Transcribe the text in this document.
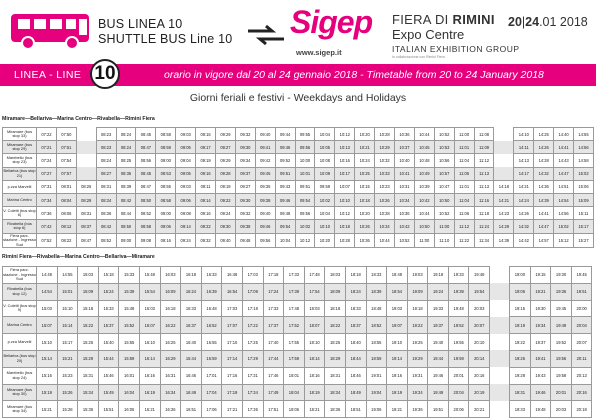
BUS LINEA 10
SHUTTLE BUS Line 10 Sigep
www.sigep.it
FIERA DI RIMINI
Expo Centre
ITALIAN EXHIBITION GROUP
In collaborazione con Rimini Fiera
20|24.01 2018
LINEA - LINE	orario in vigore dal 20 al 24 gennaio 2018 - Timetable from 20 to 24 January 2018
10
Giorni feriali e festivi - Weekdays and Holidays
Miramare—Bellariva—Marina Centro—Rivabella—Rimini Fiera
Miramare (bus stop 33)	07:22	07:50		08:23	08:24	08:45	08:58	09:03	09:16	09:29	09:32	09:40	09:44	09:55	10:04	10:12	10:20	10:28	10:36	10:44	10:52	11:00	11:08		14:10	14:25	14:40	14:55
Miramare (bus stop 29)	07:21	07:51		08:23	08:24	08:47	08:59	09:05	09:17	09:27	09:30	09:41	09:46	09:56	10:05	10:13	10:21	10:29	10:37	10:45	10:53	11:01	11:09		14:11	14:26	14:41	14:56
Marebello (bus stop 23)	07:24	07:54		08:24	08:25	08:56	09:00	09:04	09:19	09:29	09:34	09:42	09:52	10:00	10:08	10:16	10:24	10:32	10:40	10:48	10:56	11:04	11:12		14:13	14:28	14:43	14:58
Bellariva (bus stop 21)	07:27	07:57		08:27	08:35	08:45	08:53	09:05	09:16	09:28	09:37	09:45	09:51	10:01	10:09	10:17	10:25	10:33	10:41	10:49	10:57	11:05	11:13		14:17	14:32	14:47	15:02
p.zza Marvelli	07:31	08:01	08:26	08:31	08:39	08:47	08:55	09:03	09:11	09:19	09:27	09:35	09:43	09:51	09:59	10:07	10:15	10:23	10:31	10:39	10:47	11:01	11:13	14:18	14:21	14:36	14:51	15:06
Marina Centro	07:34	08:04	08:29	08:34	08:42	08:50	08:58	09:06	09:14	09:22	09:30	09:38	09:46	09:54	10:02	10:10	10:18	10:26	10:34	10:42	10:50	11:04	11:16	14:21	14:24	14:39	14:54	15:09
V. Coletti (bus stop 6)	07:36	08:06	08:31	08:36	08:44	08:52	09:00	09:08	09:16	09:24	09:32	09:40	09:48	09:56	10:04	10:12	10:20	10:28	10:36	10:44	10:52	11:06	11:18	14:23	14:26	14:41	14:56	15:11
Rivabella (bus stop 6)	07:42	08:12	08:37	08:42	08:50	08:58	09:06	09:14	09:22	09:30	09:38	09:46	09:54	10:02	10:10	10:18	10:26	10:34	10:42	10:50	11:00	11:12	11:24	14:29	14:32	14:47	15:02	15:17
Fiera parc. stazione - Ingresso Sud	07:52	08:22	08:47	08:52	09:00	09:08	09:16	09:24	09:32	09:40	09:48	09:56	10:04	10:12	10:20	10:28	10:36	10:44	10:52	11:00	11:10	11:22	11:34	14:39	14:42	14:57	15:12	15:27
Rimini Fiera—Rivabella—Marina Centro—Bellariva—Miramare
Fiera parc. stazione - Ingresso Sud	14:48	14:55	15:03	15:18	15:33	15:48	16:03	16:18	16:33	16:48	17:03	17:18	17:33	17:48	18:03	18:18	18:33	18:48	19:03	19:18	19:33	19:48		19:00	19:15	19:30	19:45
Rivabella (bus stop 12)	14:54	15:01	15:09	15:24	15:39	15:54	16:09	16:24	16:39	16:54	17:09	17:24	17:39	17:54	18:09	18:24	18:39	18:54	19:09	19:24	19:39	19:54		19:06	19:21	19:36	19:51
V. Coletti (bus stop 9)	15:03	15:10	15:18	15:33	15:48	16:03	16:18	16:33	16:48	17:03	17:18	17:33	17:48	18:03	18:18	18:33	18:48	19:03	19:18	19:33	19:48	20:03		19:15	19:30	19:45	20:00
Marina Centro	15:07	15:14	15:22	15:37	15:52	16:07	16:22	16:37	16:52	17:07	17:22	17:37	17:52	18:07	18:22	18:37	18:52	19:07	19:22	19:37	19:52	20:07		19:19	19:34	19:49	20:04
p.zza Marvelli	15:10	15:17	15:25	15:40	15:55	16:10	16:25	16:40	16:55	17:10	17:25	17:40	17:55	18:10	18:25	18:40	18:55	19:10	19:25	19:40	19:55	20:10		19:22	19:37	19:52	20:07
Bellariva (bus stop 20)	15:14	15:21	15:29	15:44	15:59	16:14	16:29	16:44	16:59	17:14	17:29	17:44	17:59	18:14	18:29	18:44	18:59	19:14	19:29	19:44	19:59	20:14		19:26	19:41	19:56	20:11
Marebello (bus stop 24)	15:16	15:23	15:31	15:46	16:01	16:16	16:31	16:46	17:01	17:16	17:31	17:46	18:01	18:16	18:31	18:46	19:01	19:16	19:31	19:46	20:01	20:16		19:28	19:43	19:58	20:13
Miramare (bus stop 30)	15:19	15:26	15:34	15:49	16:04	16:19	16:34	16:49	17:04	17:19	17:34	17:49	18:04	18:19	18:34	18:49	19:04	19:19	19:34	19:49	20:04	20:19		19:31	19:46	20:01	20:16
Miramare (bus stop 34)	15:21	15:28	15:36	15:51	16:06	16:21	16:36	16:51	17:06	17:21	17:36	17:51	18:06	18:21	18:36	18:51	19:06	19:21	19:36	19:51	20:06	20:21		19:33	19:48	20:03	20:18
